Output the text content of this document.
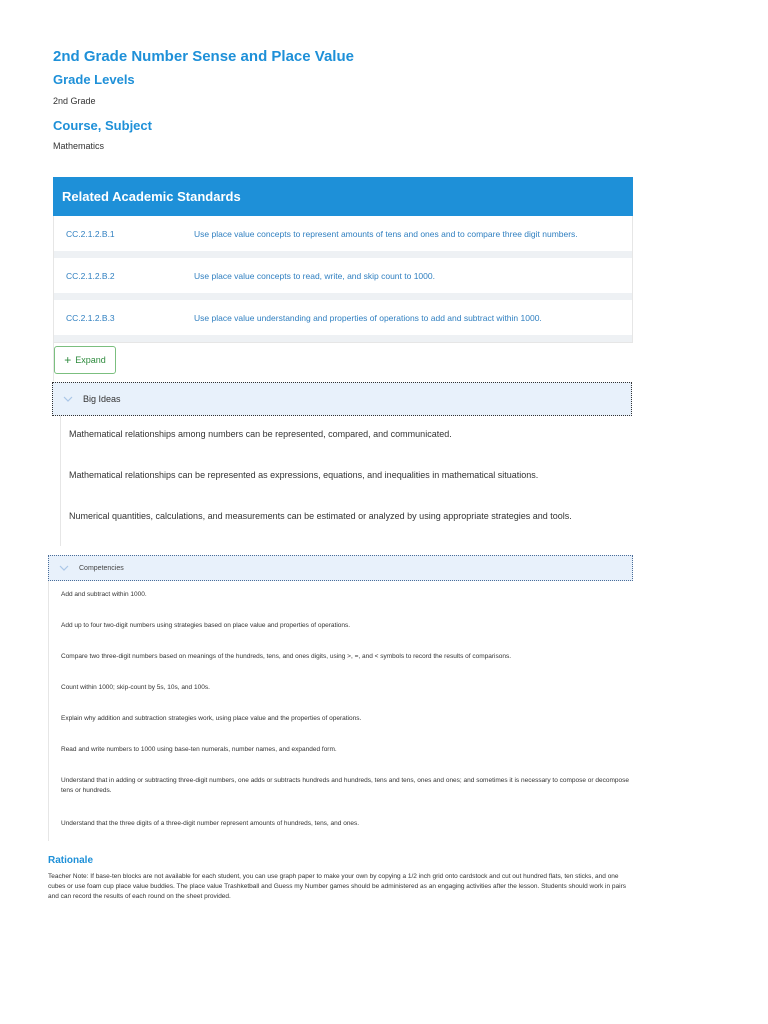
2nd Grade Number Sense and Place Value
Grade Levels

2nd Grade

Course, Subject

Mathematics

Related Academic Standards
CC.2.1.2.B.1	Use place value concepts to represent amounts of tens and ones and to compare three digit numbers.
CC.2.1.2.B.2	Use place value concepts to read, write, and skip count to 1000.
CC.2.1.2.B.3	Use place value understanding and properties of operations to add and subtract within 1000.
+ Expand
Big Ideas
Mathematical relationships among numbers can be represented, compared, and communicated.
Mathematical relationships can be represented as expressions, equations, and inequalities in mathematical situations.
Numerical quantities, calculations, and measurements can be estimated or analyzed by using appropriate strategies and tools.
Competencies
Add and subtract within 1000.
Add up to four two-digit numbers using strategies based on place value and properties of operations.
Compare two three-digit numbers based on meanings of the hundreds, tens, and ones digits, using >, =, and < symbols to record the results of comparisons.
Count within 1000; skip-count by 5s, 10s, and 100s.
Explain why addition and subtraction strategies work, using place value and the properties of operations.
Read and write numbers to 1000 using base-ten numerals, number names, and expanded form.
Understand that in adding or subtracting three-digit numbers, one adds or subtracts hundreds and hundreds, tens and tens, ones and ones; and sometimes it is necessary to compose or decompose tens or hundreds.
Understand that the three digits of a three-digit number represent amounts of hundreds, tens, and ones.
Rationale

Teacher Note: If base-ten blocks are not available for each student, you can use graph paper to make your own by copying a 1/2 inch grid onto cardstock and cut out hundred flats, ten sticks, and one cubes or use foam cup place value buddies. The place value Trashketball and Guess my Number games should be administered as an engaging activities after the lesson. Students should work in pairs and can record the results of each round on the sheet provided.
